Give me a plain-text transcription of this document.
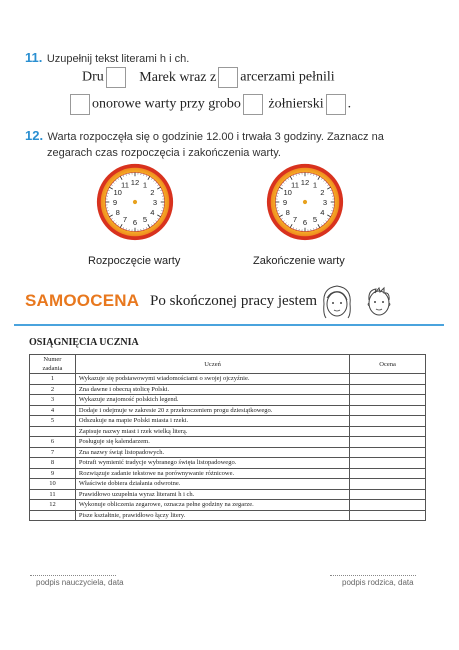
11. Uzupełnij tekst literami h i ch.
Dru	Marek wraz z arcerzami pełnili
onorowe warty przy grobo żołnierski .
12. Warta rozpoczęła się o godzinie 12.00 i trwała 3 godziny. Zaznacz na
zegarach czas rozpoczęcia i zakończenia warty.
12 1
2
3
4
5
6
7
8
9
10
11	12 1
2
3
4
5
6
7
8
9
10
11
Rozpoczęcie warty	Zakończenie warty
SAMOOCENA Po skończonej pracy jestem
OSIĄGNIĘCIA UCZNIA
Numer zadania	Uczeń	Ocena
1	Wykazuje się podstawowymi wiadomościami o swojej ojczyźnie.	
2	Zna dawne i obecną stolicę Polski.	
3	Wykazuje znajomość polskich legend.	
4	Dodaje i odejmuje w zakresie 20 z przekroczeniem progu dziesiątkowego.	
5	Odszukuje na mapie Polski miasta i rzeki.	
	Zapisuje nazwy miast i rzek wielką literą.	
6	Posługuje się kalendarzem.	
7	Zna nazwy świąt listopadowych.	
8	Potrafi wymienić tradycje wybranego święta listopadowego.	
9	Rozwiązuje zadanie tekstowe na porównywanie różnicowe.	
10	Właściwie dobiera działania odwrotne.	
11	Prawidłowo uzupełnia wyraz literami h i ch.	
12	Wykonuje obliczenia zegarowe, oznacza pełne godziny na zegarze.	
	Pisze kształtnie, prawidłowo łączy litery.	
podpis nauczyciela, data	podpis rodzica, data
